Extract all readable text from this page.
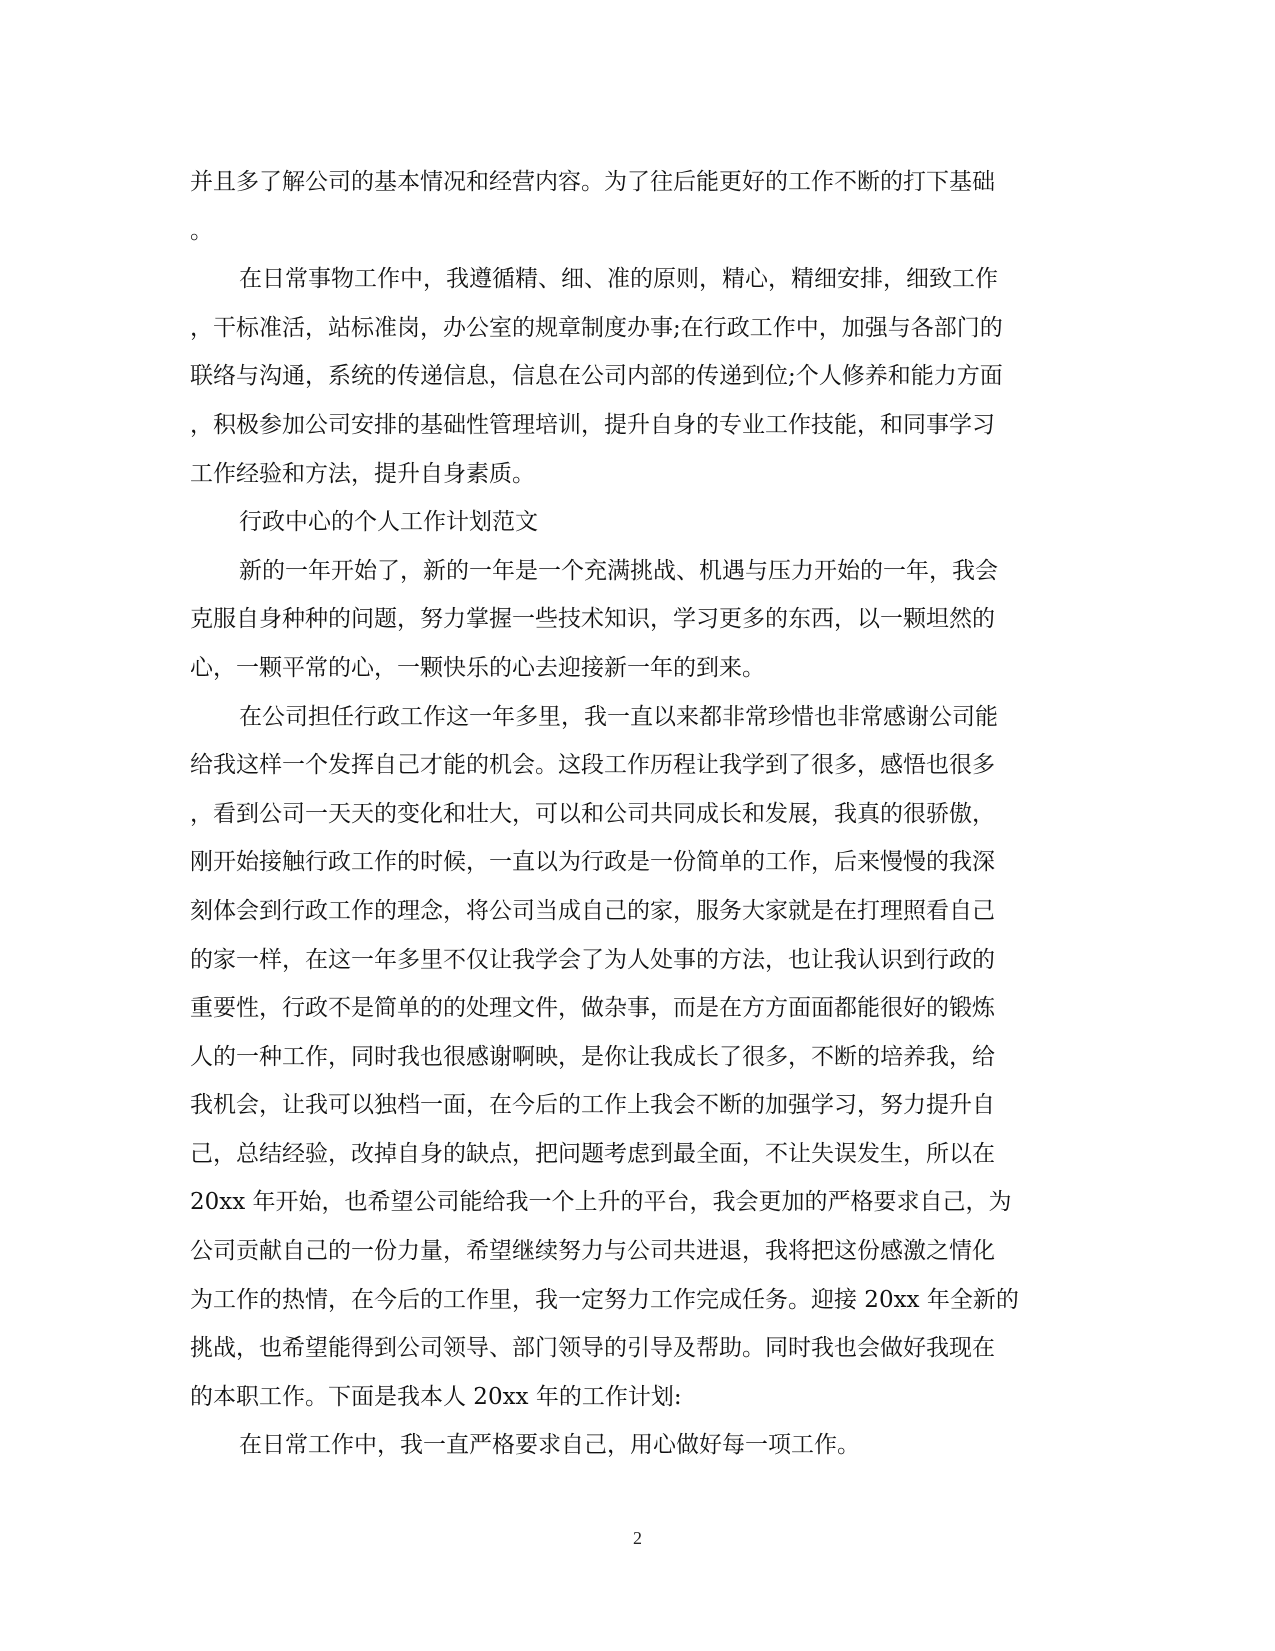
并且多了解公司的基本情况和经营内容。为了往后能更好的工作不断的打下基础
。
在日常事物工作中，我遵循精、细、准的原则，精心，精细安排，细致工作
，干标准活，站标准岗，办公室的规章制度办事;在行政工作中，加强与各部门的
联络与沟通，系统的传递信息，信息在公司内部的传递到位;个人修养和能力方面
，积极参加公司安排的基础性管理培训，提升自身的专业工作技能，和同事学习
工作经验和方法，提升自身素质。
行政中心的个人工作计划范文
新的一年开始了，新的一年是一个充满挑战、机遇与压力开始的一年，我会
克服自身种种的问题，努力掌握一些技术知识，学习更多的东西，以一颗坦然的
心，一颗平常的心，一颗快乐的心去迎接新一年的到来。
在公司担任行政工作这一年多里，我一直以来都非常珍惜也非常感谢公司能
给我这样一个发挥自己才能的机会。这段工作历程让我学到了很多，感悟也很多
，看到公司一天天的变化和壮大，可以和公司共同成长和发展，我真的很骄傲，
刚开始接触行政工作的时候，一直以为行政是一份简单的工作，后来慢慢的我深
刻体会到行政工作的理念，将公司当成自己的家，服务大家就是在打理照看自己
的家一样，在这一年多里不仅让我学会了为人处事的方法，也让我认识到行政的
重要性，行政不是简单的的处理文件，做杂事，而是在方方面面都能很好的锻炼
人的一种工作，同时我也很感谢啊映，是你让我成长了很多，不断的培养我，给
我机会，让我可以独档一面，在今后的工作上我会不断的加强学习，努力提升自
己，总结经验，改掉自身的缺点，把问题考虑到最全面，不让失误发生，所以在
20xx 年开始，也希望公司能给我一个上升的平台，我会更加的严格要求自己，为
公司贡献自己的一份力量，希望继续努力与公司共进退，我将把这份感激之情化
为工作的热情，在今后的工作里，我一定努力工作完成任务。迎接 20xx 年全新的
挑战，也希望能得到公司领导、部门领导的引导及帮助。同时我也会做好我现在
的本职工作。下面是我本人 20xx 年的工作计划:
在日常工作中，我一直严格要求自己，用心做好每一项工作。
2
